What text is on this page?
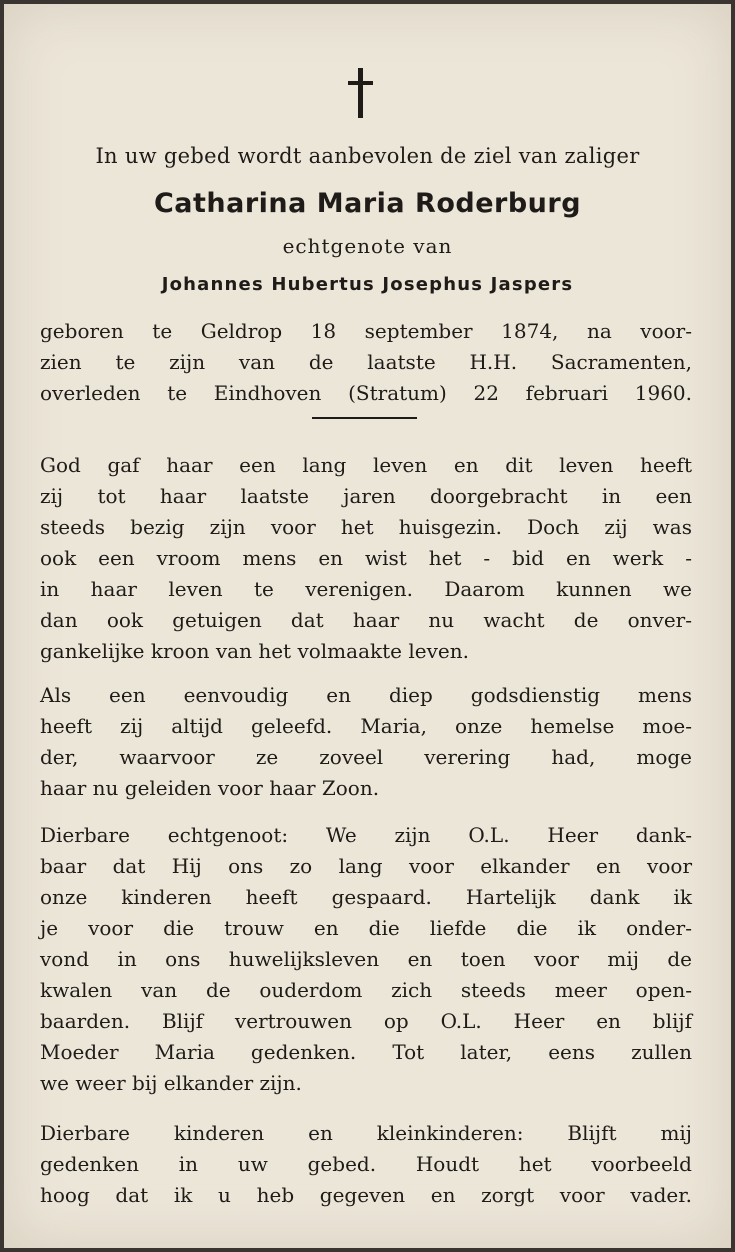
In uw gebed wordt aanbevolen de ziel van zaliger
Catharina Maria Roderburg
echtgenote van
Johannes Hubertus Josephus Jaspers
geboren te Geldrop 18 september 1874, na voor-
zien te zijn van de laatste H.H. Sacramenten,
overleden te Eindhoven (Stratum) 22 februari 1960.
God gaf haar een lang leven en dit leven heeft
zij tot haar laatste jaren doorgebracht in een
steeds bezig zijn voor het huisgezin. Doch zij was
ook een vroom mens en wist het - bid en werk -
in haar leven te verenigen. Daarom kunnen we
dan ook getuigen dat haar nu wacht de onver-
gankelijke kroon van het volmaakte leven.
Als een eenvoudig en diep godsdienstig mens
heeft zij altijd geleefd. Maria, onze hemelse moe-
der, waarvoor ze zoveel verering had, moge
haar nu geleiden voor haar Zoon.
Dierbare echtgenoot: We zijn O.L. Heer dank-
baar dat Hij ons zo lang voor elkander en voor
onze kinderen heeft gespaard. Hartelijk dank ik
je voor die trouw en die liefde die ik onder-
vond in ons huwelijksleven en toen voor mij de
kwalen van de ouderdom zich steeds meer open-
baarden. Blijf vertrouwen op O.L. Heer en blijf
Moeder Maria gedenken. Tot later, eens zullen
we weer bij elkander zijn.
Dierbare kinderen en kleinkinderen: Blijft mij
gedenken in uw gebed. Houdt het voorbeeld
hoog dat ik u heb gegeven en zorgt voor vader.
